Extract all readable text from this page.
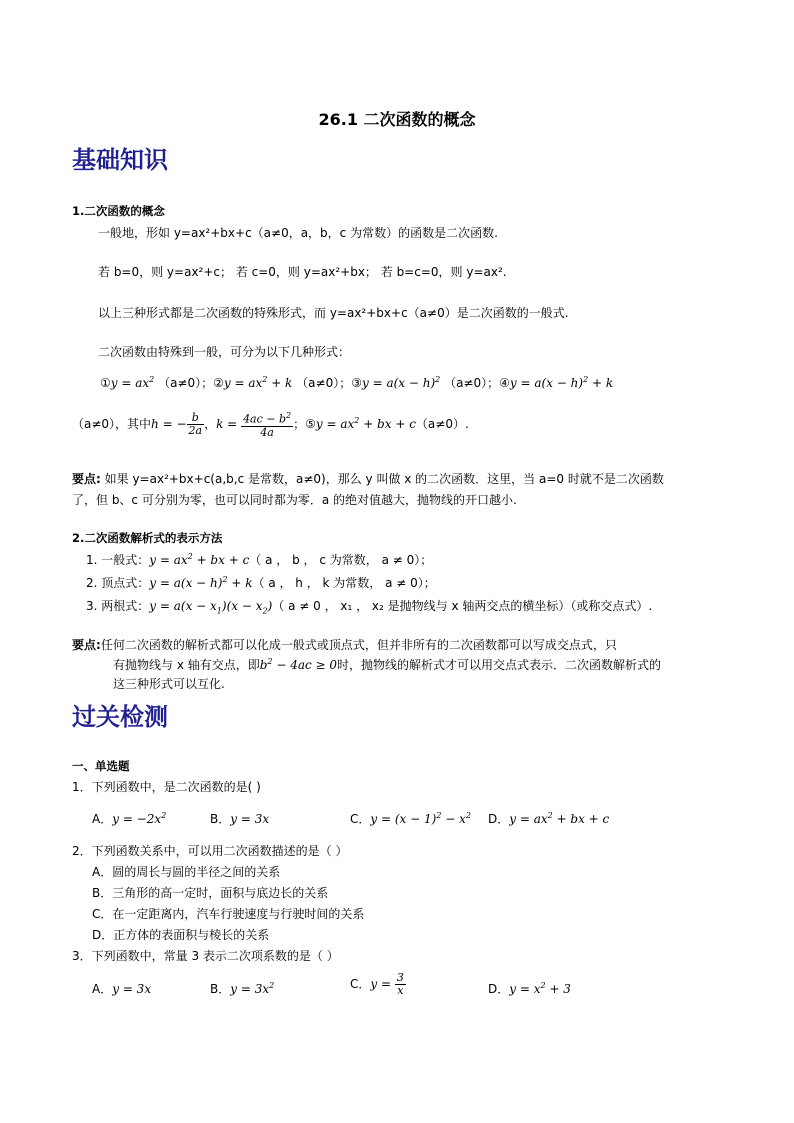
26.1 二次函数的概念
基础知识
1.二次函数的概念
一般地，形如 y=ax²+bx+c（a≠0，a，b，c 为常数）的函数是二次函数.
若 b=0，则 y=ax²+c； 若 c=0，则 y=ax²+bx； 若 b=c=0，则 y=ax².
以上三种形式都是二次函数的特殊形式，而 y=ax²+bx+c（a≠0）是二次函数的一般式.
二次函数由特殊到一般，可分为以下几种形式：
①y = $ax^2$ （a≠0）；②y = $ax^2 + k$ （a≠0）；③y = $a(x - h)^2$ （a≠0）；④y = $a(x - h)^2 + k$
（a≠0），其中h = − $\frac{b}{2a}$ ，$k = \frac{4ac - b^2}{4a}$ ；⑤y = $ax^2$ + bx + c（a≠0）.
要点: 如果 y=ax²+bx+c(a,b,c 是常数，a≠0)，那么 y 叫做 x 的二次函数．这里，当 a=0 时就不是二次函数
了，但 b、c 可分别为零，也可以同时都为零．a 的绝对值越大，抛物线的开口越小.
2.二次函数解析式的表示方法
1. 一般式：$y = ax^2$ + bx + c（ a ， b ， c 为常数， a ≠ 0）；
2. 顶点式：$y = a(x - h)^2 + k$（ a ， h ， k 为常数， a ≠ 0）；
3. 两根式：$y = a(x - x_1)(x - x_2)$（ a ≠ 0 ， x₁ ， x₂ 是抛物线与 x 轴两交点的横坐标）（或称交点式）.
要点:任何二次函数的解析式都可以化成一般式或顶点式，但并非所有的二次函数都可以写成交点式，只
有抛物线与 x 轴有交点，即$b^2 - 4ac \ge 0$时，抛物线的解析式才可以用交点式表示．二次函数解析式的
这三种形式可以互化.
过关检测
一、单选题
1．下列函数中，是二次函数的是( )
A．$y = -2x^2$	B．y = 3x	C．$y = (x - 1)^2 - x^2$ D．$y = ax^2$ + bx + c
2．下列函数关系中，可以用二次函数描述的是（ ）
A．圆的周长与圆的半径之间的关系
B．三角形的高一定时，面积与底边长的关系
C．在一定距离内，汽车行驶速度与行驶时间的关系
D．正方体的表面积与棱长的关系
3．下列函数中，常量 3 表示二次项系数的是（ ）
A．y = 3x	B．$y = 3x^2$	C．$y = \frac{3}{x}$	D．$y = x^2 + 3$
